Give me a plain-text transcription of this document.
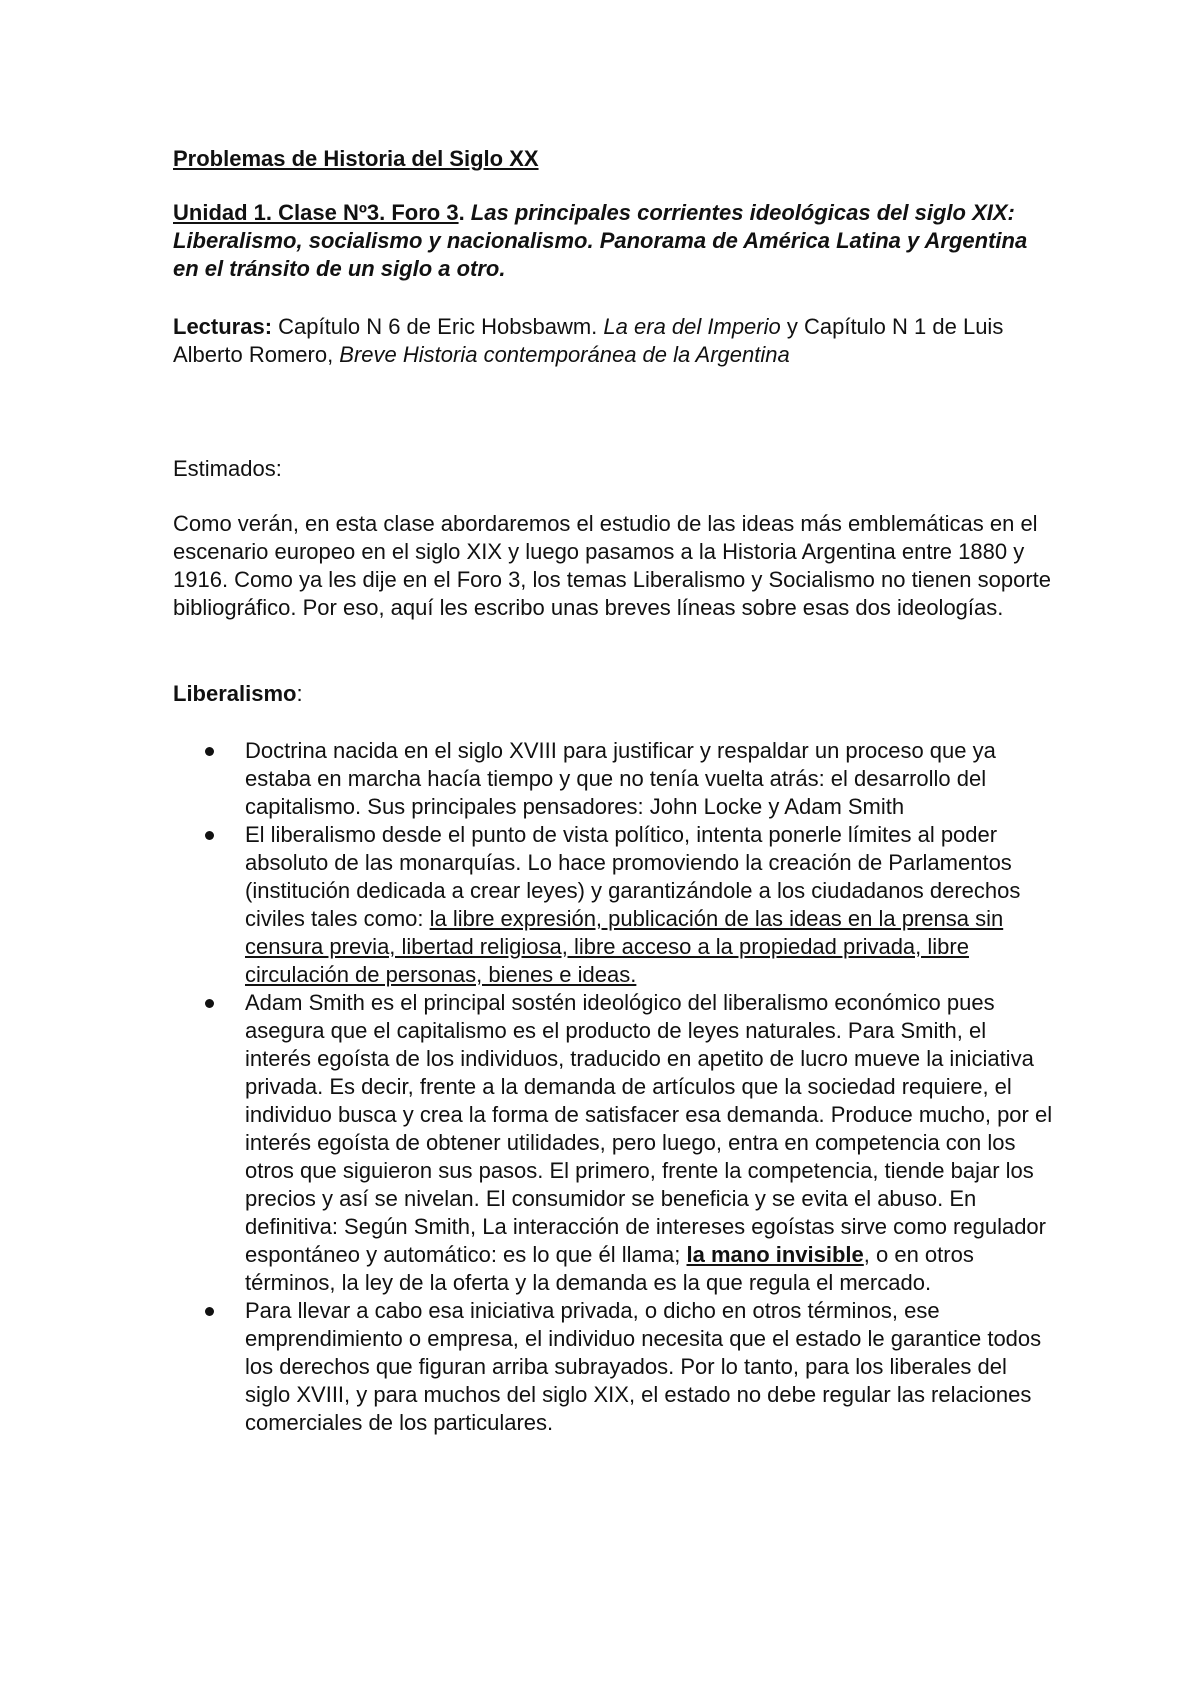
Problemas de Historia del Siglo XX

Unidad 1. Clase Nº3. Foro 3. Las principales corrientes ideológicas del siglo XIX: Liberalismo, socialismo y nacionalismo. Panorama de América Latina y Argentina en el tránsito de un siglo a otro.

Lecturas: Capítulo N 6 de Eric Hobsbawm. La era del Imperio y Capítulo N 1 de Luis Alberto Romero, Breve Historia contemporánea de la Argentina

Estimados:

Como verán, en esta clase abordaremos el estudio de las ideas más emblemáticas en el escenario europeo en el siglo XIX y luego pasamos a la Historia Argentina entre 1880 y 1916. Como ya les dije en el Foro 3, los temas Liberalismo y Socialismo no tienen soporte bibliográfico. Por eso, aquí les escribo unas breves líneas sobre esas dos ideologías.

Liberalismo:

Doctrina nacida en el siglo XVIII para justificar y respaldar un proceso que ya estaba en marcha hacía tiempo y que no tenía vuelta atrás: el desarrollo del capitalismo. Sus principales pensadores: John Locke y Adam Smith
El liberalismo desde el punto de vista político, intenta ponerle límites al poder absoluto de las monarquías. Lo hace promoviendo la creación de Parlamentos (institución dedicada a crear leyes) y garantizándole a los ciudadanos derechos civiles tales como: la libre expresión, publicación de las ideas en la prensa sin censura previa, libertad religiosa, libre acceso a la propiedad privada, libre circulación de personas, bienes e ideas.
Adam Smith es el principal sostén ideológico del liberalismo económico pues asegura que el capitalismo es el producto de leyes naturales. Para Smith, el interés egoísta de los individuos, traducido en apetito de lucro mueve la iniciativa privada. Es decir, frente a la demanda de artículos que la sociedad requiere, el individuo busca y crea la forma de satisfacer esa demanda. Produce mucho, por el interés egoísta de obtener utilidades, pero luego, entra en competencia con los otros que siguieron sus pasos. El primero, frente la competencia, tiende bajar los precios y así se nivelan. El consumidor se beneficia y se evita el abuso. En definitiva: Según Smith, La interacción de intereses egoístas sirve como regulador espontáneo y automático: es lo que él llama; la mano invisible, o en otros términos, la ley de la oferta y la demanda es la que regula el mercado.
Para llevar a cabo esa iniciativa privada, o dicho en otros términos, ese emprendimiento o empresa, el individuo necesita que el estado le garantice todos los derechos que figuran arriba subrayados. Por lo tanto, para los liberales del siglo XVIII, y para muchos del siglo XIX, el estado no debe regular las relaciones comerciales de los particulares.
